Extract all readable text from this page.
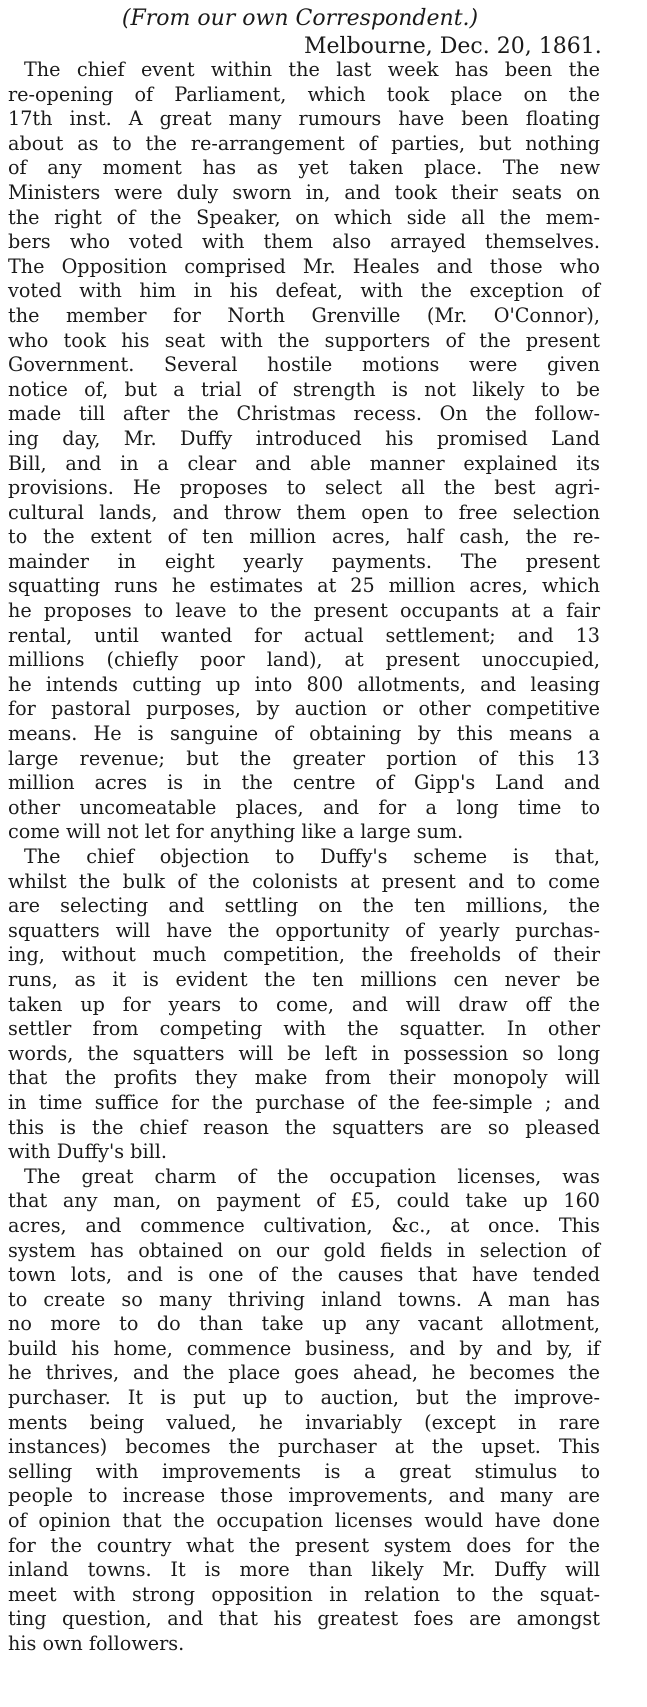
(From our own Correspondent.)
Melbourne, Dec. 20, 1861.

The chief event within the last week has been the

re-opening of Parliament, which took place on the

17th inst. A great many rumours have been floating

about as to the re-arrangement of parties, but nothing

of any moment has as yet taken place. The new

Ministers were duly sworn in, and took their seats on

the right of the Speaker, on which side all the mem-

bers who voted with them also arrayed themselves.

The Opposition comprised Mr. Heales and those who

voted with him in his defeat, with the exception of

the member for North Grenville (Mr. O'Connor),

who took his seat with the supporters of the present

Government. Several hostile motions were given

notice of, but a trial of strength is not likely to be

made till after the Christmas recess. On the follow-

ing day, Mr. Duffy introduced his promised Land

Bill, and in a clear and able manner explained its

provisions. He proposes to select all the best agri-

cultural lands, and throw them open to free selection

to the extent of ten million acres, half cash, the re-

mainder in eight yearly payments. The present

squatting runs he estimates at 25 million acres, which

he proposes to leave to the present occupants at a fair

rental, until wanted for actual settlement; and 13

millions (chiefly poor land), at present unoccupied,

he intends cutting up into 800 allotments, and leasing

for pastoral purposes, by auction or other competitive

means. He is sanguine of obtaining by this means a

large revenue; but the greater portion of this 13

million acres is in the centre of Gipp's Land and

other uncomeatable places, and for a long time to

come will not let for anything like a large sum.

The chief objection to Duffy's scheme is that,

whilst the bulk of the colonists at present and to come

are selecting and settling on the ten millions, the

squatters will have the opportunity of yearly purchas-

ing, without much competition, the freeholds of their

runs, as it is evident the ten millions cen never be

taken up for years to come, and will draw off the

settler from competing with the squatter. In other

words, the squatters will be left in possession so long

that the profits they make from their monopoly will

in time suffice for the purchase of the fee-simple ; and

this is the chief reason the squatters are so pleased

with Duffy's bill.

The great charm of the occupation licenses, was

that any man, on payment of £5, could take up 160

acres, and commence cultivation, &c., at once. This

system has obtained on our gold fields in selection of

town lots, and is one of the causes that have tended

to create so many thriving inland towns. A man has

no more to do than take up any vacant allotment,

build his home, commence business, and by and by, if

he thrives, and the place goes ahead, he becomes the

purchaser. It is put up to auction, but the improve-

ments being valued, he invariably (except in rare

instances) becomes the purchaser at the upset. This

selling with improvements is a great stimulus to

people to increase those improvements, and many are

of opinion that the occupation licenses would have done

for the country what the present system does for the

inland towns. It is more than likely Mr. Duffy will

meet with strong opposition in relation to the squat-

ting question, and that his greatest foes are amongst

his own followers.
